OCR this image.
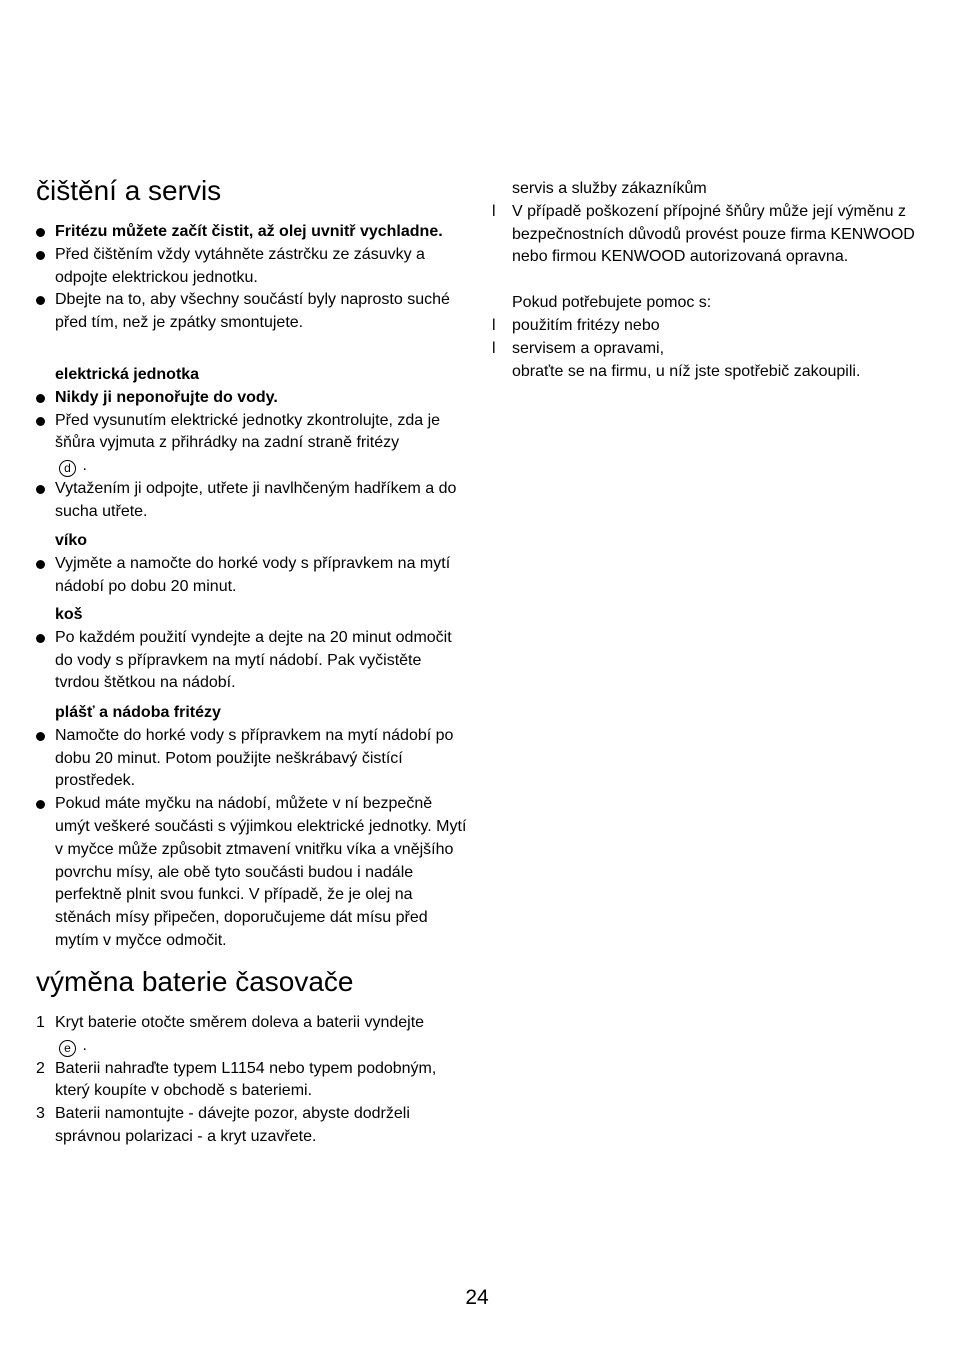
čištění a servis
Fritézu můžete začít čistit, až olej uvnitř vychladne.
Před čištěním vždy vytáhněte zástrčku ze zásuvky a odpojte elektrickou jednotku.
Dbejte na to, aby všechny součástí byly naprosto suché před tím, než je zpátky smontujete.
elektrická jednotka
Nikdy ji neponořujte do vody.
Před vysunutím elektrické jednotky zkontrolujte, zda je šňůra vyjmuta z přihrádky na zadní straně fritézy
d .
Vytažením ji odpojte, utřete ji navlhčeným hadříkem a do sucha utřete.
víko
Vyjměte a namočte do horké vody s přípravkem na mytí nádobí po dobu 20 minut.
koš
Po každém použití vyndejte a dejte na 20 minut odmočit do vody s přípravkem na mytí nádobí. Pak vyčistěte tvrdou štětkou na nádobí.
plášť a nádoba fritézy
Namočte do horké vody s přípravkem na mytí nádobí po dobu 20 minut. Potom použijte neškrábavý čistící prostředek.
Pokud máte myčku na nádobí, můžete v ní bezpečně umýt veškeré součásti s výjimkou elektrické jednotky. Mytí v myčce může způsobit ztmavení vnitřku víka a vnějšího povrchu mísy, ale obě tyto součásti budou i nadále perfektně plnit svou funkci. V případě, že je olej na stěnách mísy připečen, doporučujeme dát mísu před mytím v myčce odmočit.
výměna baterie časovače
1 Kryt baterie otočte směrem doleva a baterii vyndejte
e .
2 Baterii nahraďte typem L1154 nebo typem podobným, který koupíte v obchodě s bateriemi.
3 Baterii namontujte - dávejte pozor, abyste dodrželi správnou polarizaci - a kryt uzavřete.
servis a služby zákazníkům
l V případě poškození přípojné šňůry může její výměnu z bezpečnostních důvodů provést pouze firma KENWOOD nebo firmou KENWOOD autorizovaná opravna.
Pokud potřebujete pomoc s:
l použitím fritézy nebo
l servisem a opravami,
obraťte se na firmu, u níž jste spotřebič zakoupili.
24
